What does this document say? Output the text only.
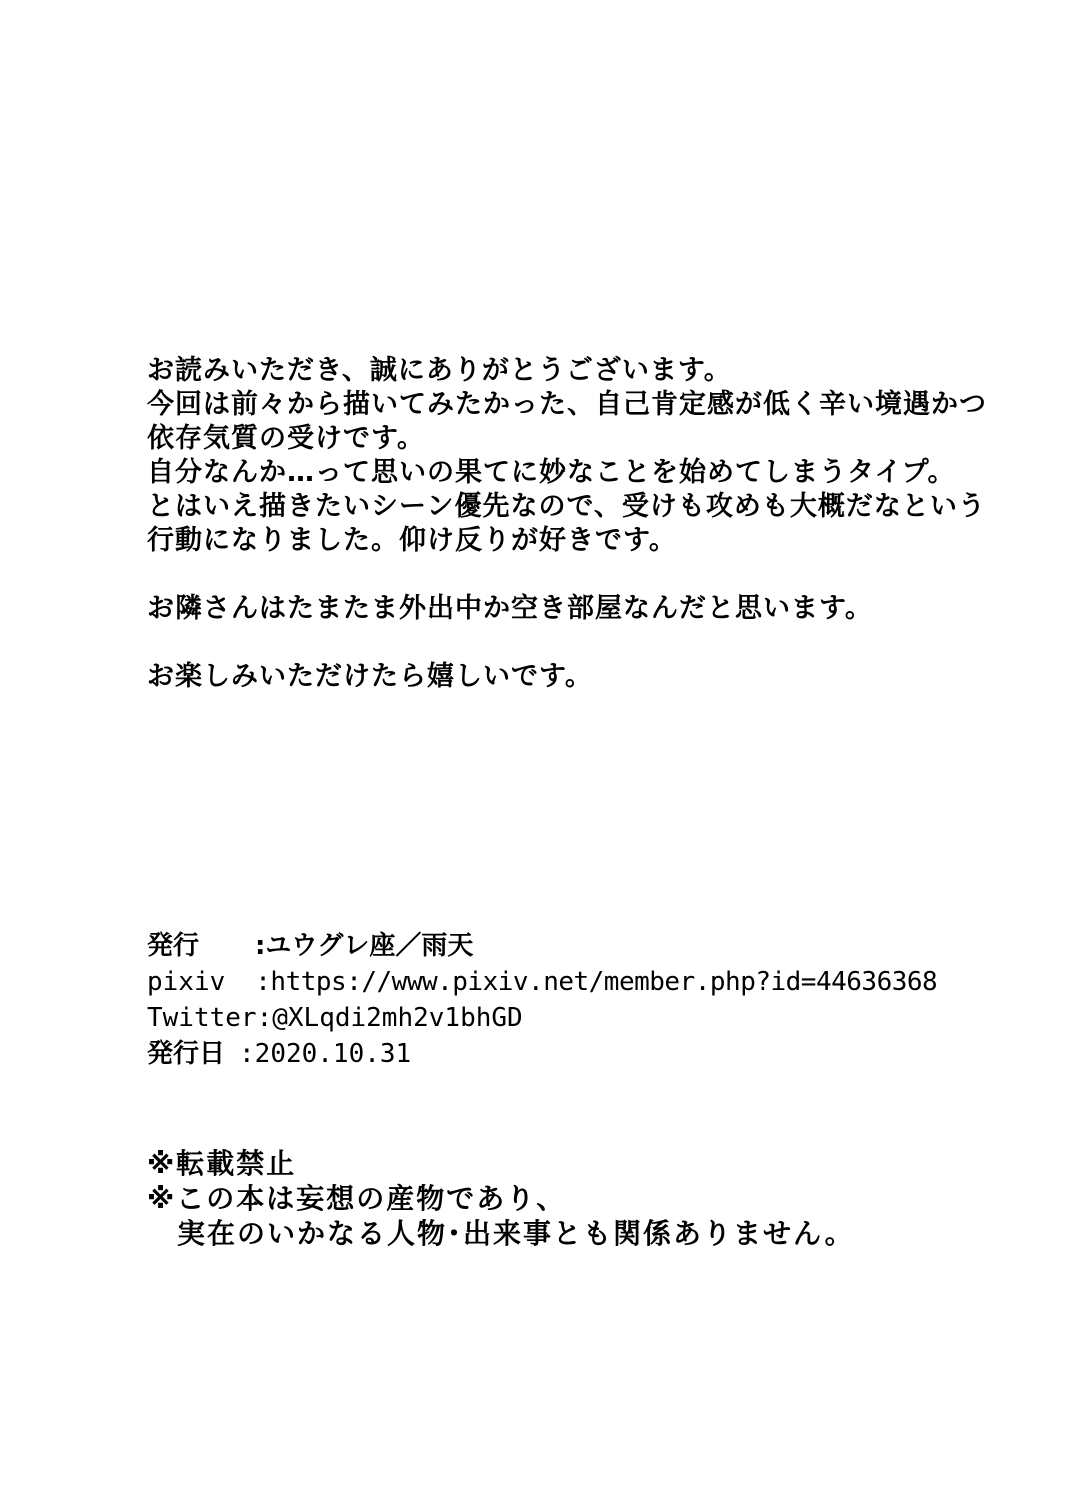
お読みいただき、誠にありがとうございます。
今回は前々から描いてみたかった、自己肯定感が低く辛い境遇かつ
依存気質の受けです。
自分なんか…って思いの果てに妙なことを始めてしまうタイプ。
とはいえ描きたいシーン優先なので、受けも攻めも大概だなという
行動になりました。仰け反りが好きです。
お隣さんはたまたま外出中か空き部屋なんだと思います。
お楽しみいただけたら嬉しいです。
発行 :ユウグレ座／雨天
pixiv :https://www.pixiv.net/member.php?id=44636368
Twitter:@XLqdi2mh2v1bhGD
発行日 :2020.10.31
※転載禁止
※この本は妄想の産物であり、
実在のいかなる人物･出来事とも関係ありません。
